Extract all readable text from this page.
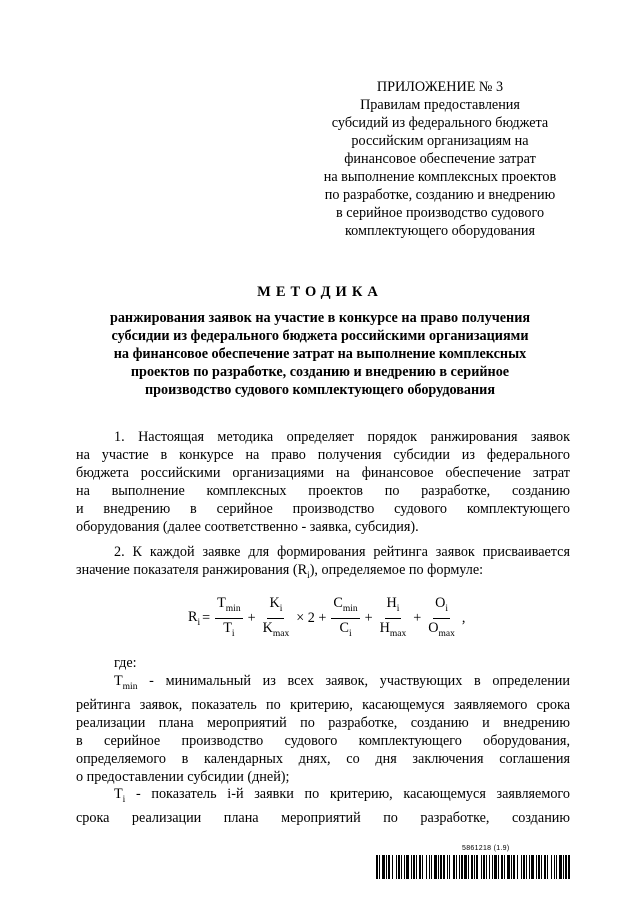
ПРИЛОЖЕНИЕ № 3
Правилам предоставления
субсидий из федерального бюджета
российским организациям на
финансовое обеспечение затрат
на выполнение комплексных проектов
по разработке, созданию и внедрению
в серийное производство судового
комплектующего оборудования
МЕТОДИКА
ранжирования заявок на участие в конкурсе на право получения
субсидии из федерального бюджета российскими организациями
на финансовое обеспечение затрат на выполнение комплексных
проектов по разработке, созданию и внедрению в серийное
производство судового комплектующего оборудования
1. Настоящая методика определяет порядок ранжирования заявок
на участие в конкурсе на право получения субсидии из федерального
бюджета российскими организациями на финансовое обеспечение затрат
на выполнение комплексных проектов по разработке, созданию
и внедрению в серийное производство судового комплектующего
оборудования (далее соответственно - заявка, субсидия).
2. К каждой заявке для формирования рейтинга заявок присваивается
значение показателя ранжирования $(R_i)$, определяемое по формуле:
$R_i = \frac{T_{min}}{T_i} + \frac{K_i}{K_{max}} \times 2 + \frac{C_{min}}{C_i} + \frac{H_i}{H_{max}} + \frac{O_i}{O_{max}}$ ,
где:
$T_{min}$ - минимальный из всех заявок, участвующих в определении
рейтинга заявок, показатель по критерию, касающемуся заявляемого срока
реализации плана мероприятий по разработке, созданию и внедрению
в серийное производство судового комплектующего оборудования,
определяемого в календарных днях, со дня заключения соглашения
о предоставлении субсидии (дней);
$T_i$ - показатель i-й заявки по критерию, касающемуся заявляемого
срока реализации плана мероприятий по разработке, созданию
5861218 (1.9)
